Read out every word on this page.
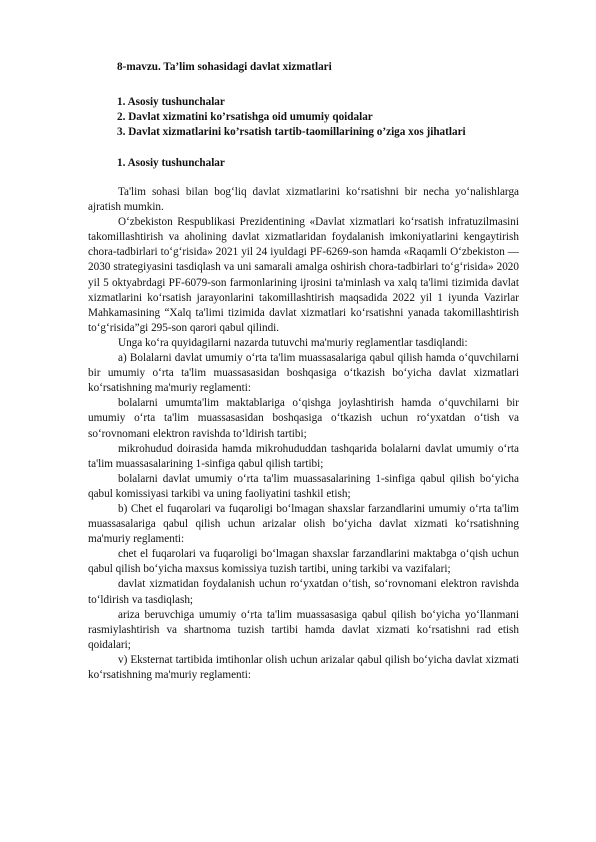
8-mavzu. Ta’lim sohasidagi davlat xizmatlari
1. Asosiy tushunchalar
2. Davlat xizmatini ko’rsatishga oid umumiy qoidalar
3. Davlat xizmatlarini ko’rsatish tartib-taomillarining o’ziga xos jihatlari
1. Asosiy tushunchalar

Ta'lim sohasi bilan bog‘liq davlat xizmatlarini ko‘rsatishni bir necha yo‘nalishlarga ajratish mumkin.

O‘zbekiston Respublikasi Prezidentining «Davlat xizmatlari ko‘rsatish infratuzilmasini takomillashtirish va aholining davlat xizmatlaridan foydalanish imkoniyatlarini kengaytirish chora-tadbirlari to‘g‘risida» 2021 yil 24 iyuldagi PF-6269-son hamda «Raqamli O‘zbekiston — 2030 strategiyasini tasdiqlash va uni samarali amalga oshirish chora-tadbirlari to‘g‘risida» 2020 yil 5 oktyabrdagi PF-6079-son farmonlarining ijrosini ta'minlash va xalq ta'limi tizimida davlat xizmatlarini ko‘rsatish jarayonlarini takomillashtirish maqsadida 2022 yil 1 iyunda Vazirlar Mahkamasining “Xalq ta'limi tizimida davlat xizmatlari ko‘rsatishni yanada takomillashtirish to‘g‘risida”gi 295-son qarori qabul qilindi.

Unga ko‘ra quyidagilarni nazarda tutuvchi ma'muriy reglamentlar tasdiqlandi:

a) Bolalarni davlat umumiy o‘rta ta'lim muassasalariga qabul qilish hamda o‘quvchilarni bir umumiy o‘rta ta'lim muassasasidan boshqasiga o‘tkazish bo‘yicha davlat xizmatlari ko‘rsatishning ma'muriy reglamenti:

bolalarni umumta'lim maktablariga o‘qishga joylashtirish hamda o‘quvchilarni bir umumiy o‘rta ta'lim muassasasidan boshqasiga o‘tkazish uchun ro‘yxatdan o‘tish va so‘rovnomani elektron ravishda to‘ldirish tartibi;

mikrohudud doirasida hamda mikrohududdan tashqarida bolalarni davlat umumiy o‘rta ta'lim muassasalarining 1-sinfiga qabul qilish tartibi;

bolalarni davlat umumiy o‘rta ta'lim muassasalarining 1-sinfiga qabul qilish bo‘yicha qabul komissiyasi tarkibi va uning faoliyatini tashkil etish;

b) Chet el fuqarolari va fuqaroligi bo‘lmagan shaxslar farzandlarini umumiy o‘rta ta'lim muassasalariga qabul qilish uchun arizalar olish bo‘yicha davlat xizmati ko‘rsatishning ma'muriy reglamenti:

chet el fuqarolari va fuqaroligi bo‘lmagan shaxslar farzandlarini maktabga o‘qish uchun qabul qilish bo‘yicha maxsus komissiya tuzish tartibi, uning tarkibi va vazifalari;

davlat xizmatidan foydalanish uchun ro‘yxatdan o‘tish, so‘rovnomani elektron ravishda to‘ldirish va tasdiqlash;

ariza beruvchiga umumiy o‘rta ta'lim muassasasiga qabul qilish bo‘yicha yo‘llanmani rasmiylashtirish va shartnoma tuzish tartibi hamda davlat xizmati ko‘rsatishni rad etish qoidalari;

v) Eksternat tartibida imtihonlar olish uchun arizalar qabul qilish bo‘yicha davlat xizmati ko‘rsatishning ma'muriy reglamenti:
